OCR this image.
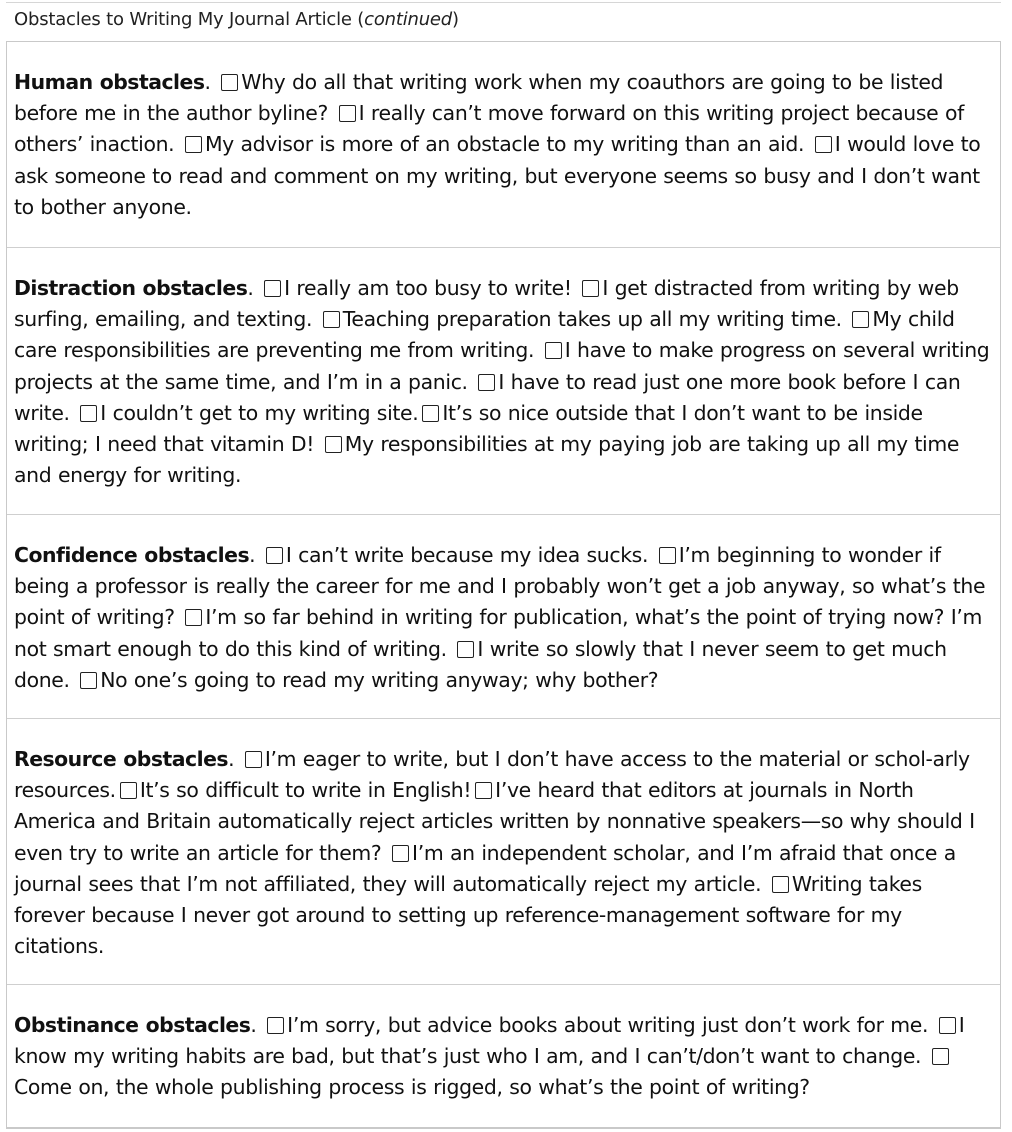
Obstacles to Writing My Journal Article (continued)
Human obstacles. Why do all that writing work when my coauthors are going to be listed before me in the author byline? I really can’t move forward on this writing project because of others’ inaction. My advisor is more of an obstacle to my writing than an aid. I would love to ask someone to read and comment on my writing, but everyone seems so busy and I don’t want to bother anyone.
Distraction obstacles. I really am too busy to write! I get distracted from writing by web surfing, emailing, and texting. Teaching preparation takes up all my writing time. My child care responsibilities are preventing me from writing. I have to make progress on several writing projects at the same time, and I’m in a panic. I have to read just one more book before I can write. I couldn’t get to my writing site. It’s so nice outside that I don’t want to be inside writing; I need that vitamin D! My responsibilities at my paying job are taking up all my time and energy for writing.
Confidence obstacles. I can’t write because my idea sucks. I’m beginning to wonder if being a professor is really the career for me and I probably won’t get a job anyway, so what’s the point of writing? I’m so far behind in writing for publication, what’s the point of trying now? I’m not smart enough to do this kind of writing. I write so slowly that I never seem to get much done. No one’s going to read my writing anyway; why bother?
Resource obstacles. I’m eager to write, but I don’t have access to the material or schol-arly resources. It’s so difficult to write in English! I’ve heard that editors at journals in North America and Britain automatically reject articles written by nonnative speakers—so why should I even try to write an article for them? I’m an independent scholar, and I’m afraid that once a journal sees that I’m not affiliated, they will automatically reject my article. Writing takes forever because I never got around to setting up reference-management software for my citations.
Obstinance obstacles. I’m sorry, but advice books about writing just don’t work for me. I know my writing habits are bad, but that’s just who I am, and I can’t/don’t want to change. Come on, the whole publishing process is rigged, so what’s the point of writing?
